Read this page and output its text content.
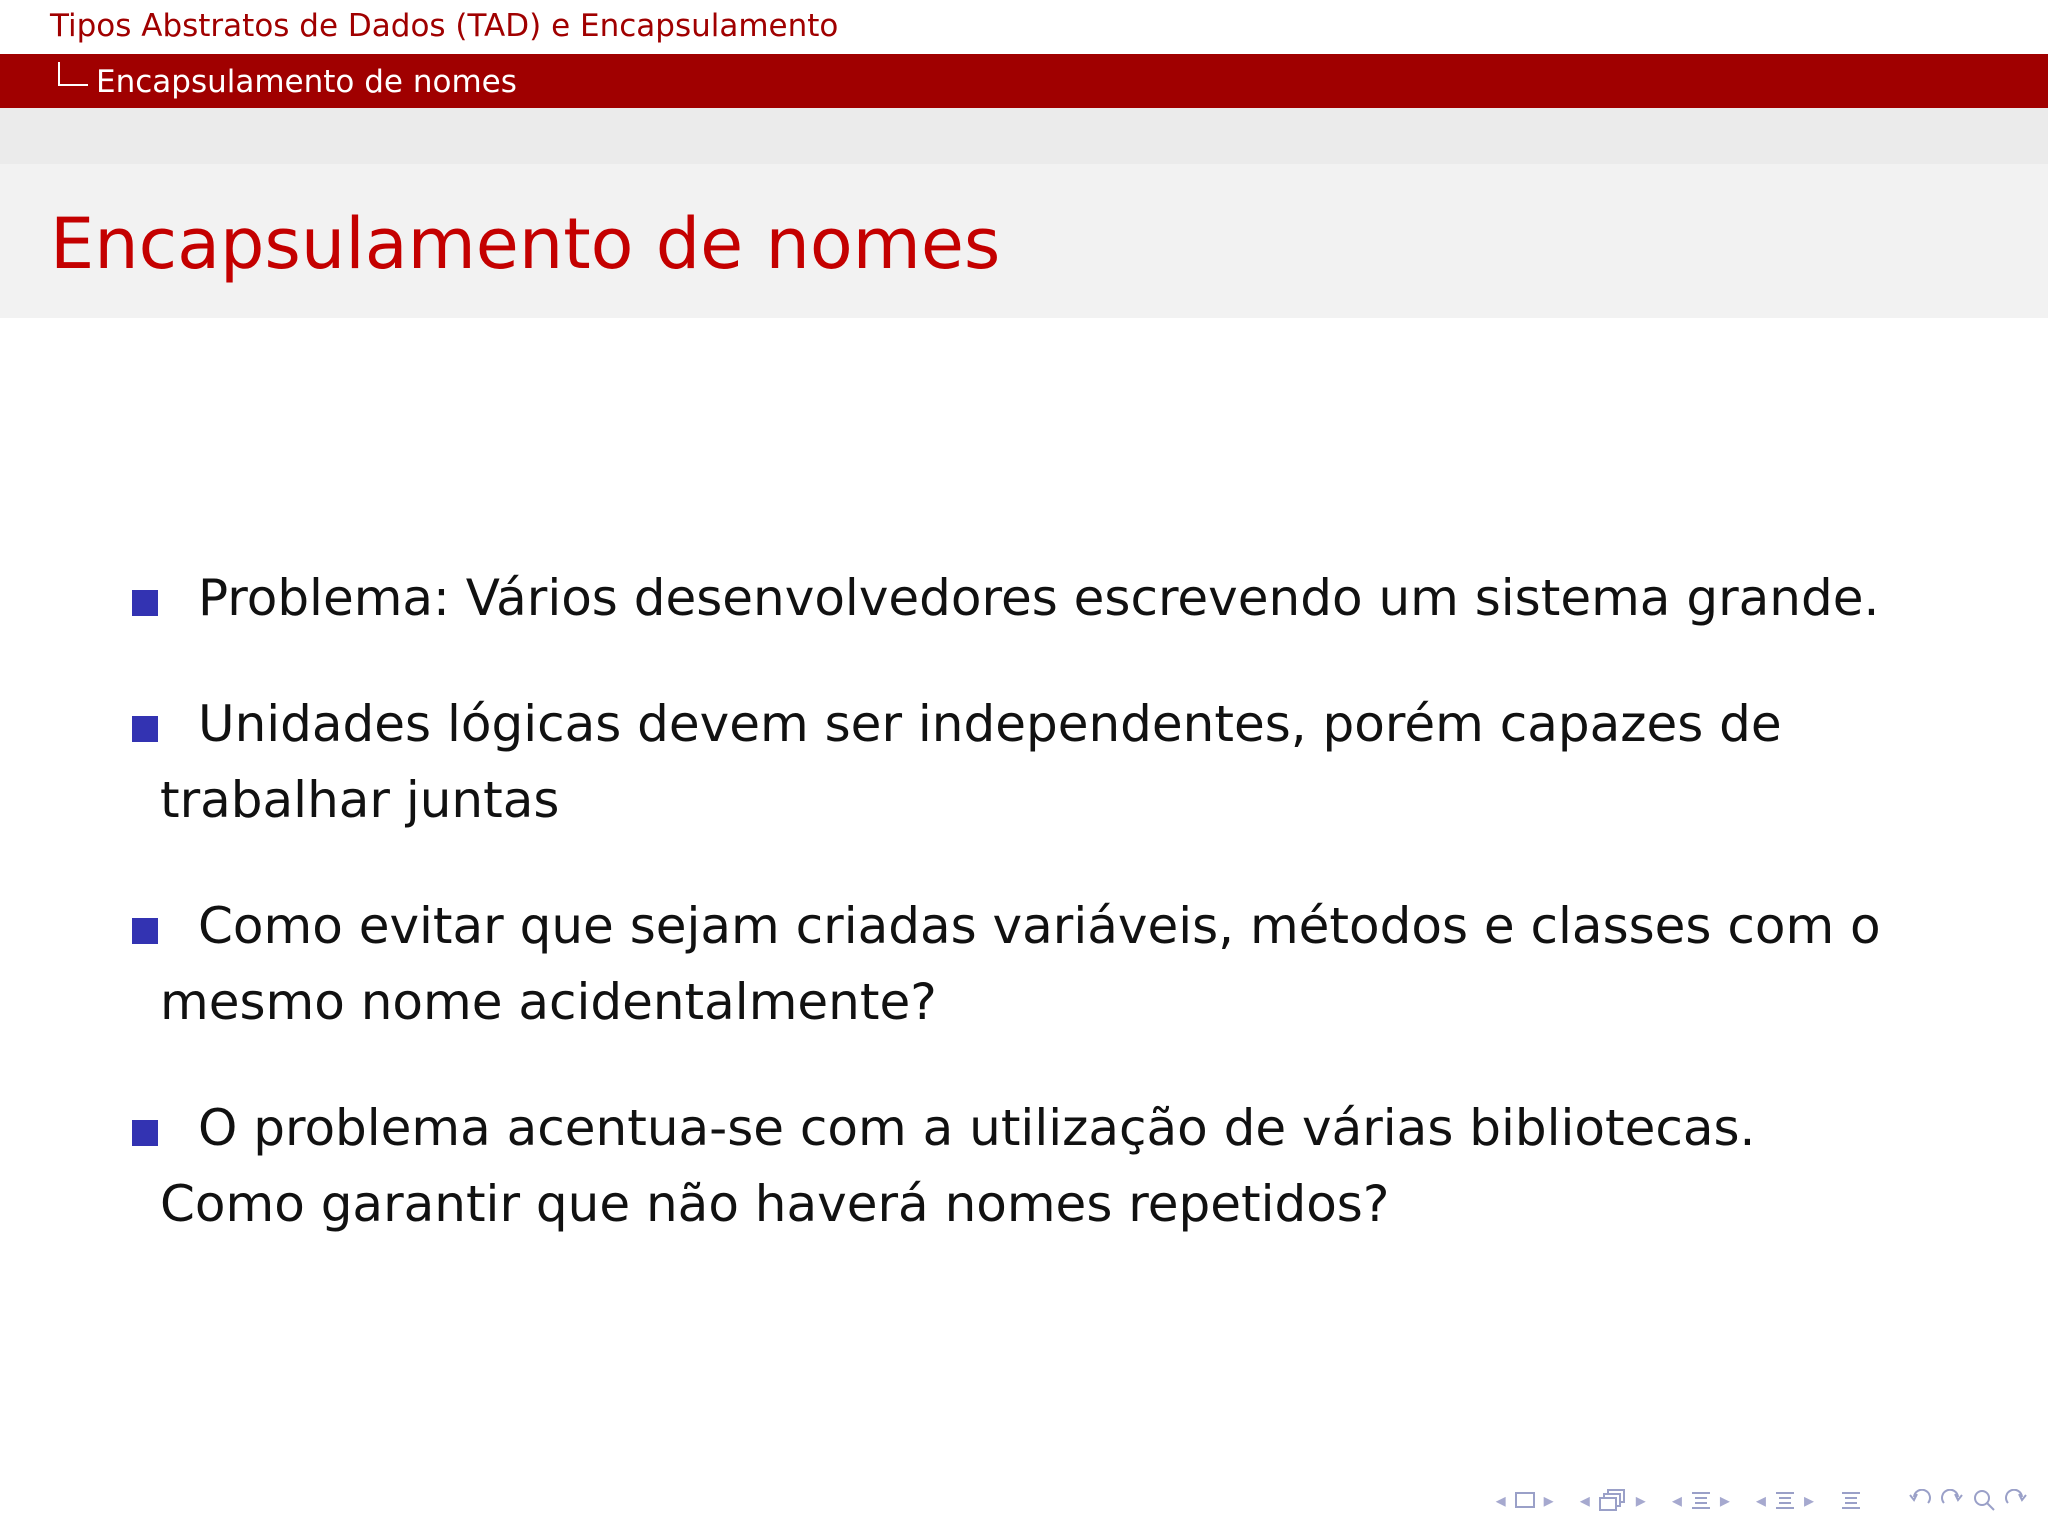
Tipos Abstratos de Dados (TAD) e Encapsulamento
Encapsulamento de nomes
Encapsulamento de nomes
Problema: Vários desenvolvedores escrevendo um sistema grande.
Unidades lógicas devem ser independentes, porém capazes de trabalhar juntas
Como evitar que sejam criadas variáveis, métodos e classes com o mesmo nome acidentalmente?
O problema acentua-se com a utilização de várias bibliotecas. Como garantir que não haverá nomes repetidos?
◂ ▸ ◂ ▸ ◂ ▸ ◂ ▸
